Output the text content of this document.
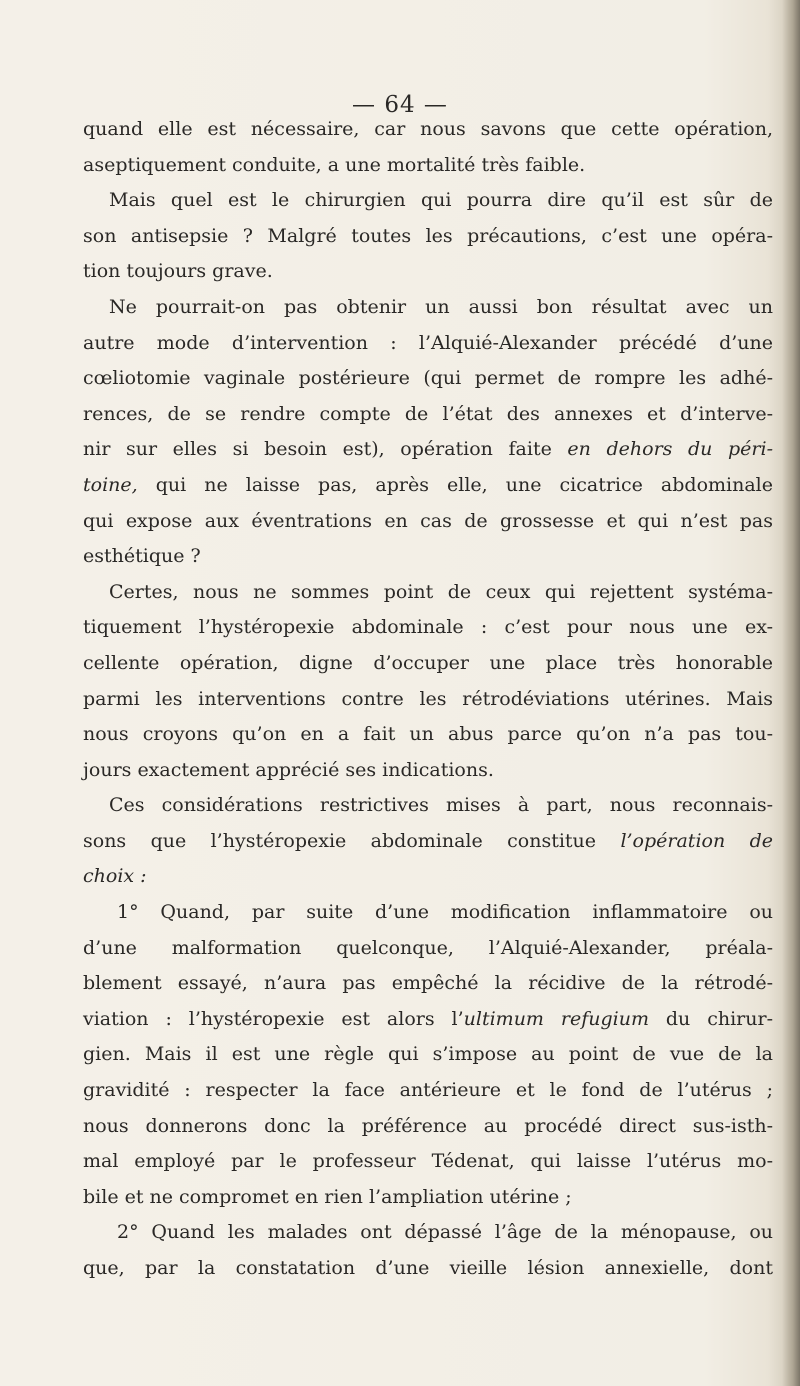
— 64 —
quand elle est nécessaire, car nous savons que cette opération,
aseptiquement conduite, a une mortalité très faible.
Mais quel est le chirurgien qui pourra dire qu’il est sûr de
son antisepsie ? Malgré toutes les précautions, c’est une opéra-
tion toujours grave.
Ne pourrait-on pas obtenir un aussi bon résultat avec un
autre mode d’intervention : l’Alquié-Alexander précédé d’une
cœliotomie vaginale postérieure (qui permet de rompre les adhé-
rences, de se rendre compte de l’état des annexes et d’interve-
nir sur elles si besoin est), opération faite en dehors du péri-
toine, qui ne laisse pas, après elle, une cicatrice abdominale
qui expose aux éventrations en cas de grossesse et qui n’est pas
esthétique ?
Certes, nous ne sommes point de ceux qui rejettent systéma-
tiquement l’hystéropexie abdominale : c’est pour nous une ex-
cellente opération, digne d’occuper une place très honorable
parmi les interventions contre les rétrodéviations utérines. Mais
nous croyons qu’on en a fait un abus parce qu’on n’a pas tou-
jours exactement apprécié ses indications.
Ces considérations restrictives mises à part, nous reconnais-
sons que l’hystéropexie abdominale constitue l’opération de
choix :
1° Quand, par suite d’une modification inflammatoire ou
d’une malformation quelconque, l’Alquié-Alexander, préala-
blement essayé, n’aura pas empêché la récidive de la rétrodé-
viation : l’hystéropexie est alors l’ultimum refugium du chirur-
gien. Mais il est une règle qui s’impose au point de vue de la
gravidité : respecter la face antérieure et le fond de l’utérus ;
nous donnerons donc la préférence au procédé direct sus-isth-
mal employé par le professeur Tédenat, qui laisse l’utérus mo-
bile et ne compromet en rien l’ampliation utérine ;
2° Quand les malades ont dépassé l’âge de la ménopause, ou
que, par la constatation d’une vieille lésion annexielle, dont
